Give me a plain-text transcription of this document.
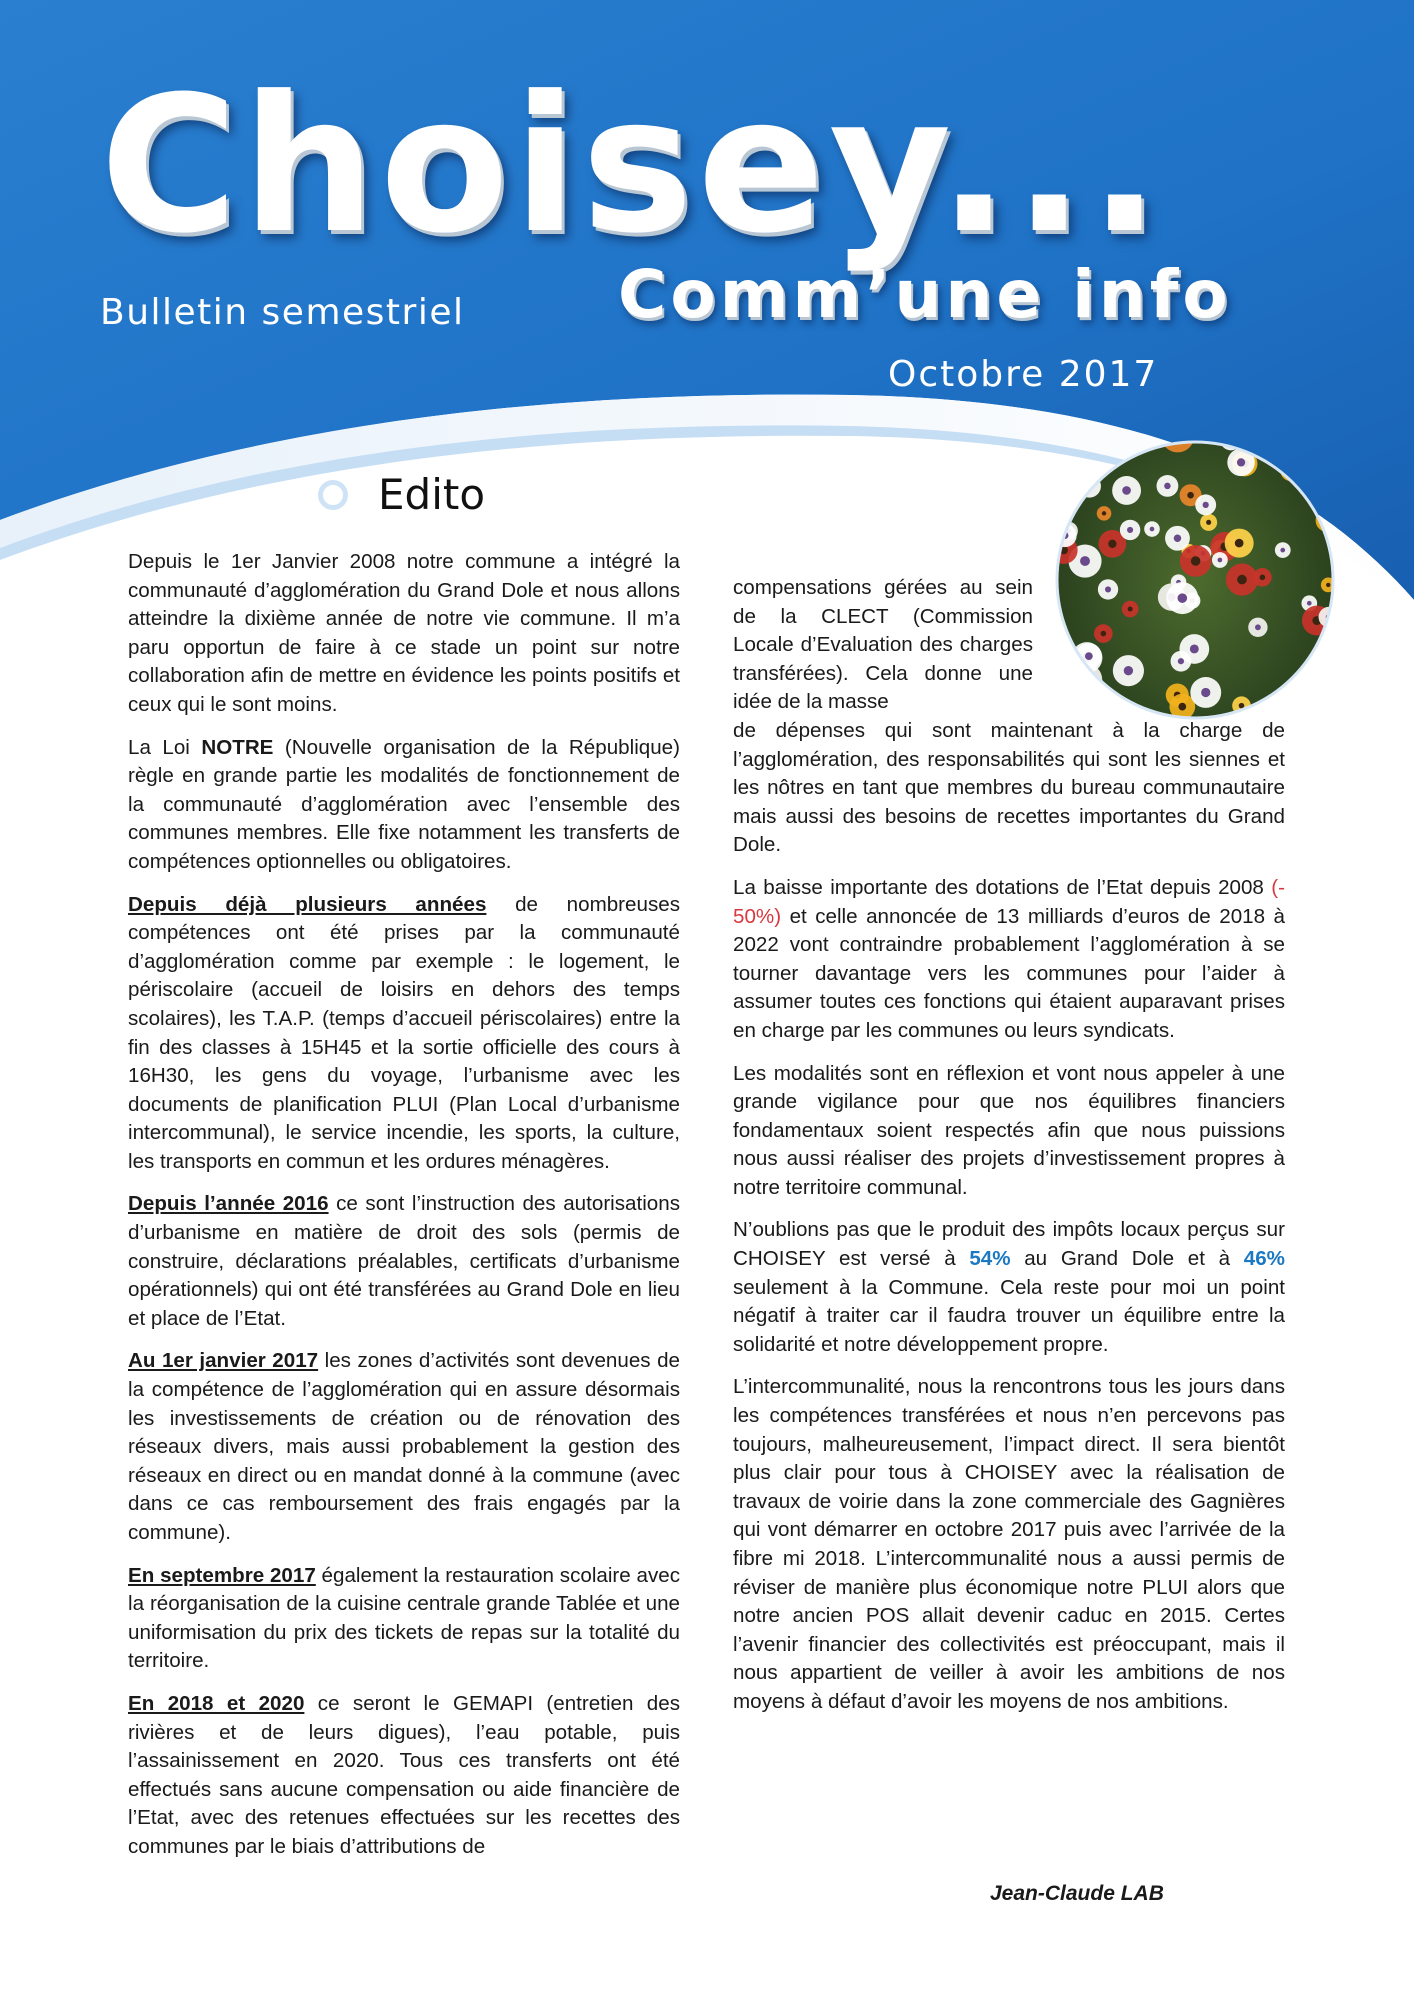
Choisey...
Bulletin semestriel Comm’une info
Octobre 2017
Edito

Depuis le 1er Janvier 2008 notre commune a intégré la communauté d’agglomération du Grand Dole et nous allons atteindre la dixième année de notre vie commune. Il m’a paru opportun de faire à ce stade un point sur notre collaboration afin de mettre en évidence les points positifs et ceux qui le sont moins.

La Loi NOTRE (Nouvelle organisation de la République) règle en grande partie les modalités de fonctionnement de la communauté d’agglomération avec l’ensemble des communes membres. Elle fixe notamment les transferts de compétences optionnelles ou obligatoires.

Depuis déjà plusieurs années de nombreuses compétences ont été prises par la communauté d’agglomération comme par exemple : le logement, le périscolaire (accueil de loisirs en dehors des temps scolaires), les T.A.P. (temps d’accueil périscolaires) entre la fin des classes à 15H45 et la sortie officielle des cours à 16H30, les gens du voyage, l’urbanisme avec les documents de planification PLUI (Plan Local d’urbanisme intercommunal), le service incendie, les sports, la culture, les transports en commun et les ordures ménagères.

Depuis l’année 2016 ce sont l’instruction des autorisations d’urbanisme en matière de droit des sols (permis de construire, déclarations préalables, certificats d’urbanisme opérationnels) qui ont été transférées au Grand Dole en lieu et place de l’Etat.

Au 1er janvier 2017 les zones d’activités sont devenues de la compétence de l’agglomération qui en assure désormais les investissements de création ou de rénovation des réseaux divers, mais aussi probablement la gestion des réseaux en direct ou en mandat donné à la commune (avec dans ce cas remboursement des frais engagés par la commune).

En septembre 2017 également la restauration scolaire avec la réorganisation de la cuisine centrale grande Tablée et une uniformisation du prix des tickets de repas sur la totalité du territoire.

En 2018 et 2020 ce seront le GEMAPI (entretien des rivières et de leurs digues), l’eau potable, puis l’assainissement en 2020. Tous ces transferts ont été effectués sans aucune compensation ou aide financière de l’Etat, avec des retenues effectuées sur les recettes des communes par le biais d’attributions de

compensations gérées au sein de la CLECT (Commission Locale d’Evaluation des charges transférées). Cela donne une idée de la masse
de dépenses qui sont maintenant à la charge de l’agglomération, des responsabilités qui sont les siennes et les nôtres en tant que membres du bureau communautaire mais aussi des besoins de recettes importantes du Grand Dole.

La baisse importante des dotations de l’Etat depuis 2008 (- 50%) et celle annoncée de 13 milliards d’euros de 2018 à 2022 vont contraindre probablement l’agglomération à se tourner davantage vers les communes pour l’aider à assumer toutes ces fonctions qui étaient auparavant prises en charge par les communes ou leurs syndicats.

Les modalités sont en réflexion et vont nous appeler à une grande vigilance pour que nos équilibres financiers fondamentaux soient respectés afin que nous puissions nous aussi réaliser des projets d’investissement propres à notre territoire communal.

N’oublions pas que le produit des impôts locaux perçus sur CHOISEY est versé à 54% au Grand Dole et à 46% seulement à la Commune. Cela reste pour moi un point négatif à traiter car il faudra trouver un équilibre entre la solidarité et notre développement propre.

L’intercommunalité, nous la rencontrons tous les jours dans les compétences transférées et nous n’en percevons pas toujours, malheureusement, l’impact direct. Il sera bientôt plus clair pour tous à CHOISEY avec la réalisation de travaux de voirie dans la zone commerciale des Gagnières qui vont démarrer en octobre 2017 puis avec l’arrivée de la fibre mi 2018. L’intercommunalité nous a aussi permis de réviser de manière plus économique notre PLUI alors que notre ancien POS allait devenir caduc en 2015. Certes l’avenir financier des collectivités est préoccupant, mais il nous appartient de veiller à avoir les ambitions de nos moyens à défaut d’avoir les moyens de nos ambitions.

Jean-Claude LAB
